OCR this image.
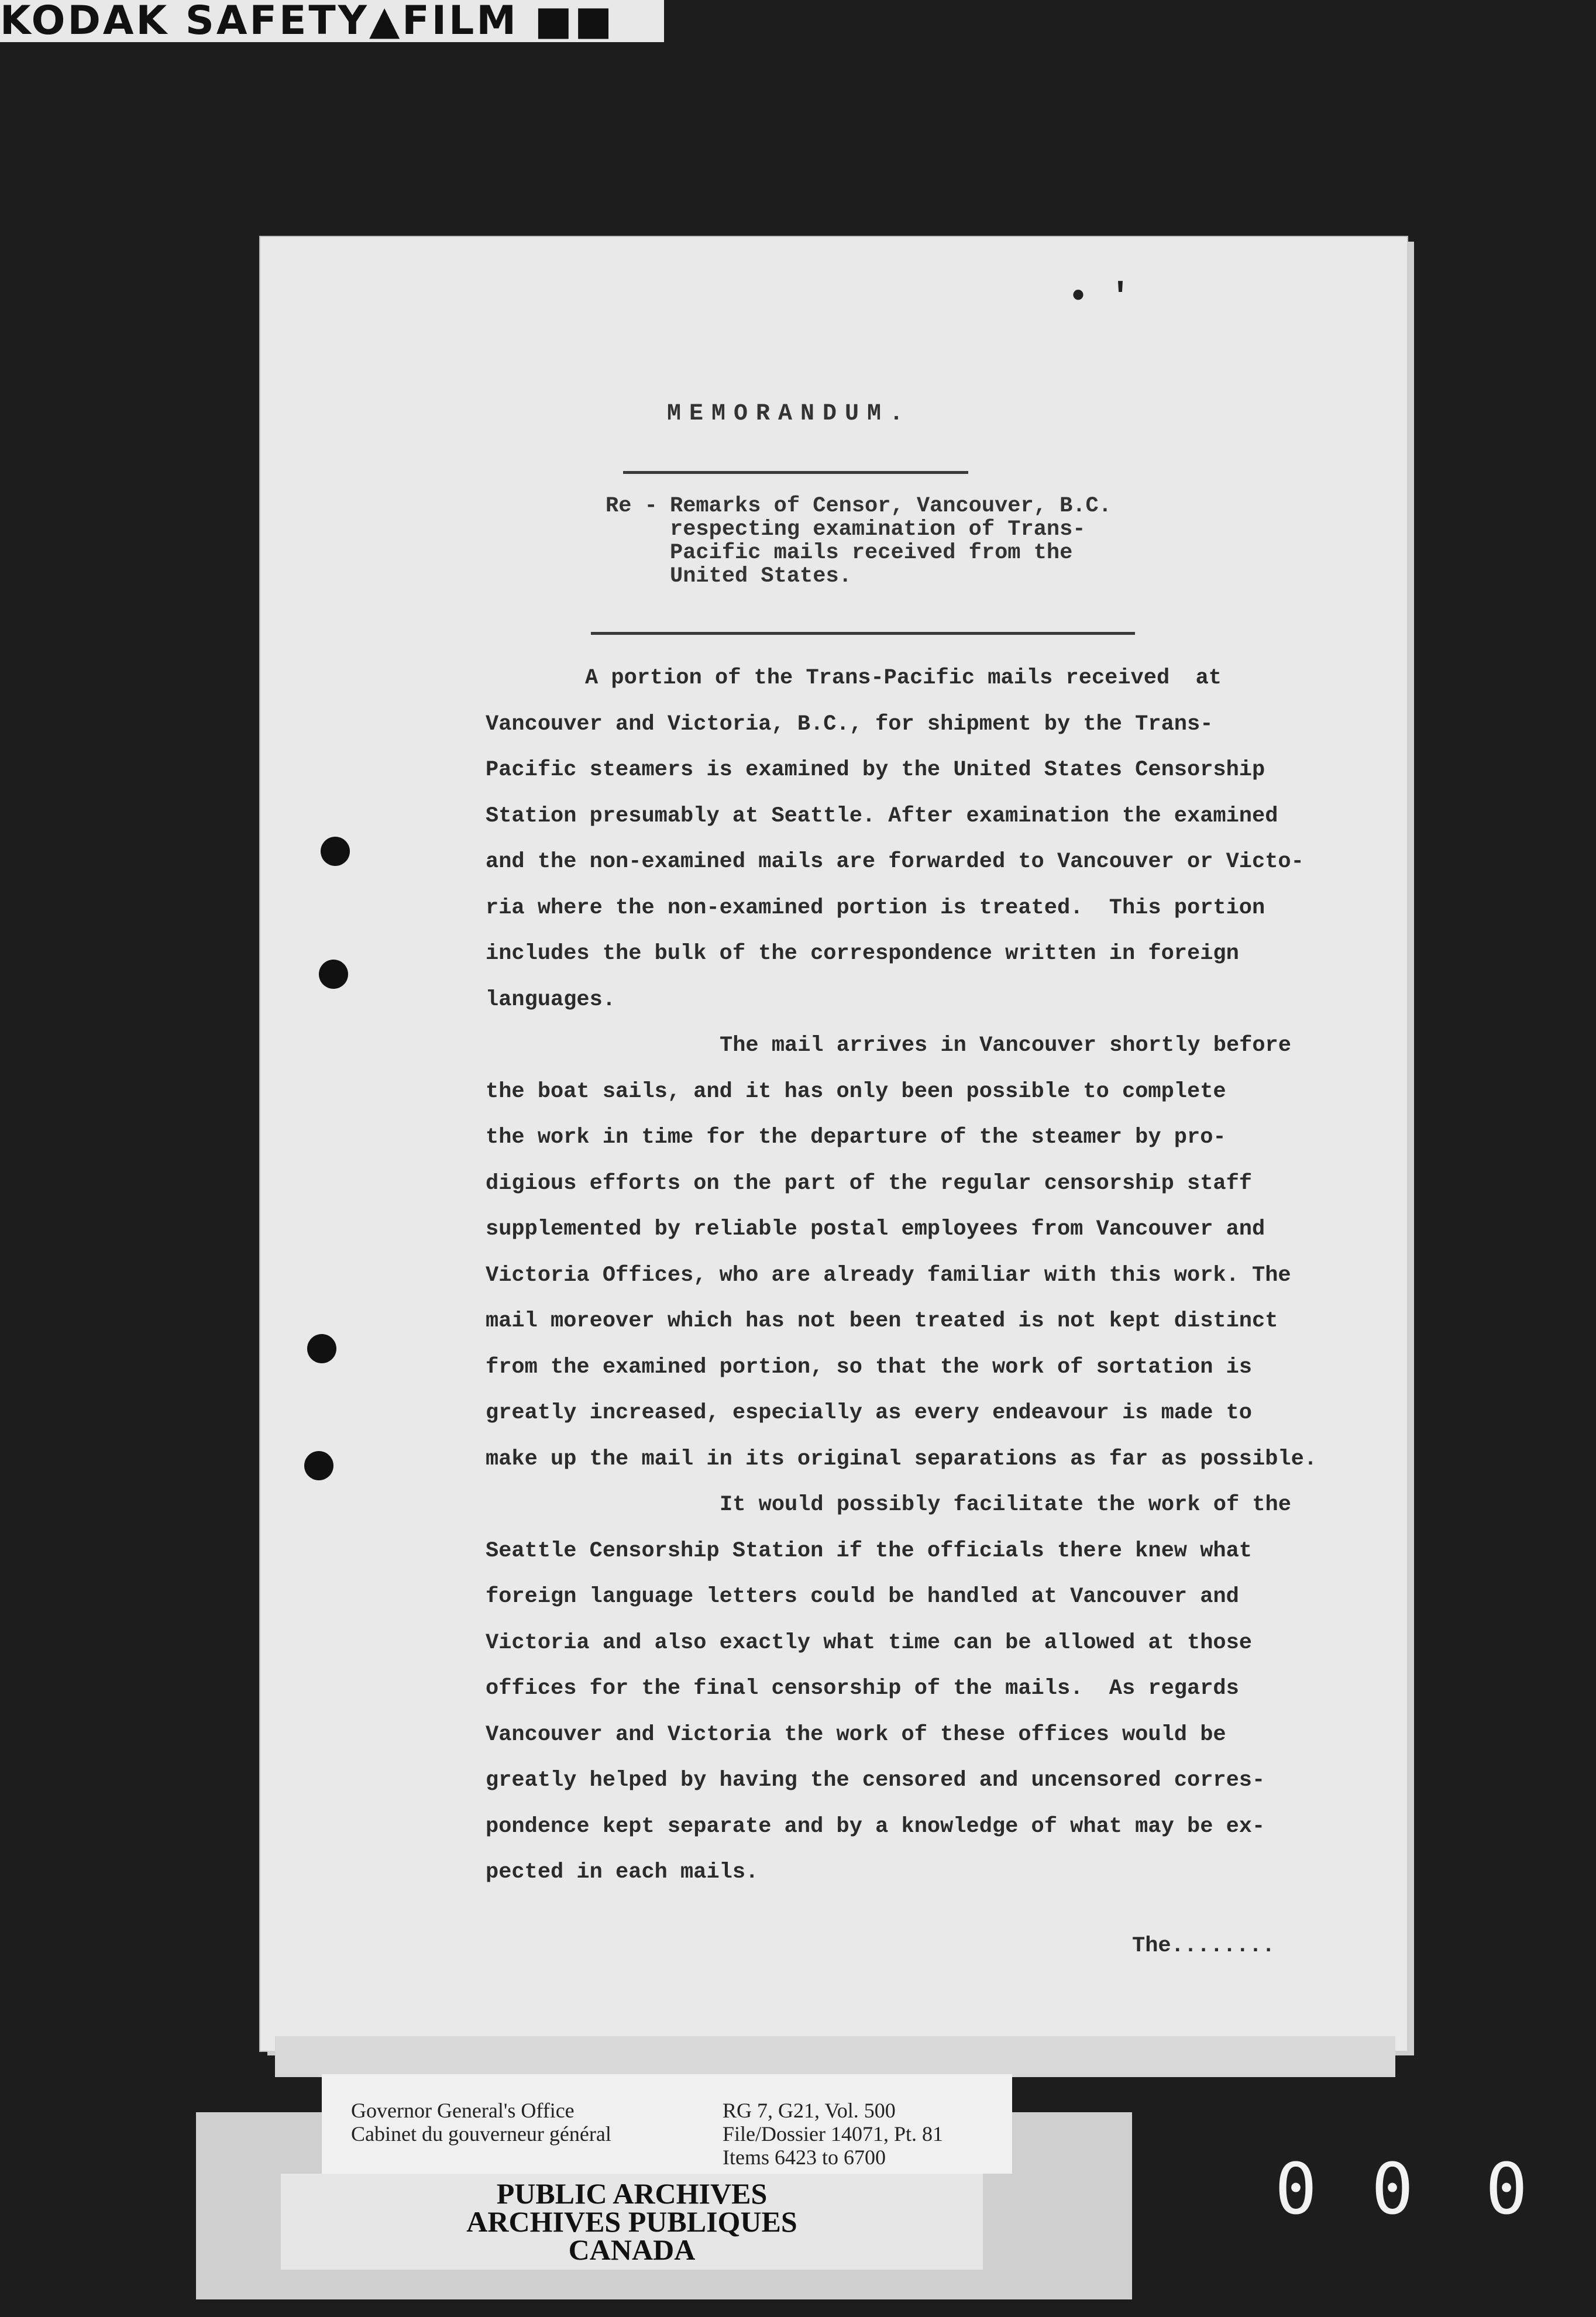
KODAK SAFETY▲FILM ■■
• '
MEMORANDUM.
Re - Remarks of Censor, Vancouver, B.C.
respecting examination of Trans-
Pacific mails received from the
United States.

A portion of the Trans-Pacific mails received  at
Vancouver and Victoria, B.C., for shipment by the Trans-
Pacific steamers is examined by the United States Censorship
Station presumably at Seattle. After examination the examined
and the non-examined mails are forwarded to Vancouver or Victo-
ria where the non-examined portion is treated.  This portion
includes the bulk of the correspondence written in foreign
languages.

The mail arrives in Vancouver shortly before
the boat sails, and it has only been possible to complete
the work in time for the departure of the steamer by pro-
digious efforts on the part of the regular censorship staff
supplemented by reliable postal employees from Vancouver and
Victoria Offices, who are already familiar with this work. The
mail moreover which has not been treated is not kept distinct
from the examined portion, so that the work of sortation is
greatly increased, especially as every endeavour is made to
make up the mail in its original separations as far as possible.

It would possibly facilitate the work of the
Seattle Censorship Station if the officials there knew what
foreign language letters could be handled at Vancouver and
Victoria and also exactly what time can be allowed at those
offices for the final censorship of the mails.  As regards
Vancouver and Victoria the work of these offices would be
greatly helped by having the censored and uncensored corres-
pondence kept separate and by a knowledge of what may be ex-
pected in each mails.

The........
Governor General's Office
Cabinet du gouverneur général
RG 7, G21, Vol. 500
File/Dossier 14071, Pt. 81
Items 6423 to 6700
PUBLIC ARCHIVES
ARCHIVES PUBLIQUES
CANADA
0 0 0
